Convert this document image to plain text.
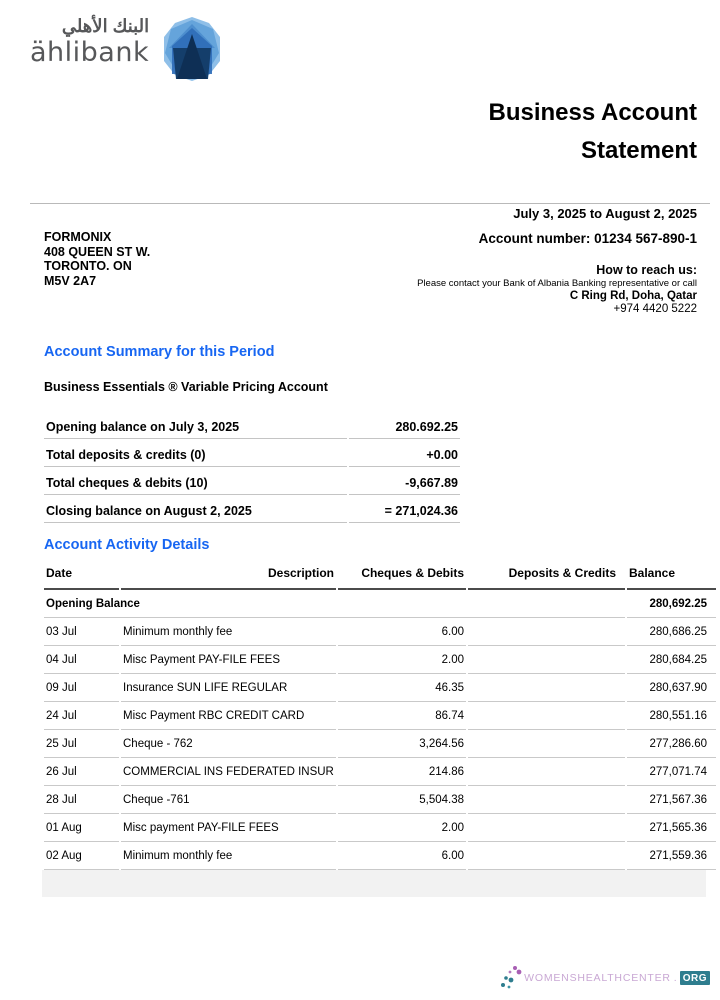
البنك الأهلي
ählibank
Business Account
Statement
July 3, 2025 to August 2, 2025
FORMONIX
408 QUEEN ST W.
TORONTO. ON
M5V 2A7
Account number: 01234 567-890-1
How to reach us:
Please contact your Bank of Albania Banking representative or call
C Ring Rd, Doha, Qatar
+974 4420 5222
Account Summary for this Period
Business Essentials ® Variable Pricing Account
Opening balance on July 3, 2025	280.692.25
Total deposits & credits (0)	+0.00
Total cheques & debits (10)	-9,667.89
Closing balance on August 2, 2025	= 271,024.36
Account Activity Details
Date	Description	Cheques & Debits	Deposits & Credits	Balance
Opening Balance				280,692.25
03 Jul	Minimum monthly fee	6.00		280,686.25
04 Jul	Misc Payment PAY-FILE FEES	2.00		280,684.25
09 Jul	Insurance SUN LIFE REGULAR	46.35		280,637.90
24 Jul	Misc Payment RBC CREDIT CARD	86.74		280,551.16
25 Jul	Cheque - 762	3,264.56		277,286.60
26 Jul	COMMERCIAL INS FEDERATED INSUR	214.86		277,071.74
28 Jul	Cheque -761	5,504.38		271,567.36
01 Aug	Misc payment PAY-FILE FEES	2.00		271,565.36
02 Aug	Minimum monthly fee	6.00		271,559.36
WOMENSHEALTHCENTER . ORG
